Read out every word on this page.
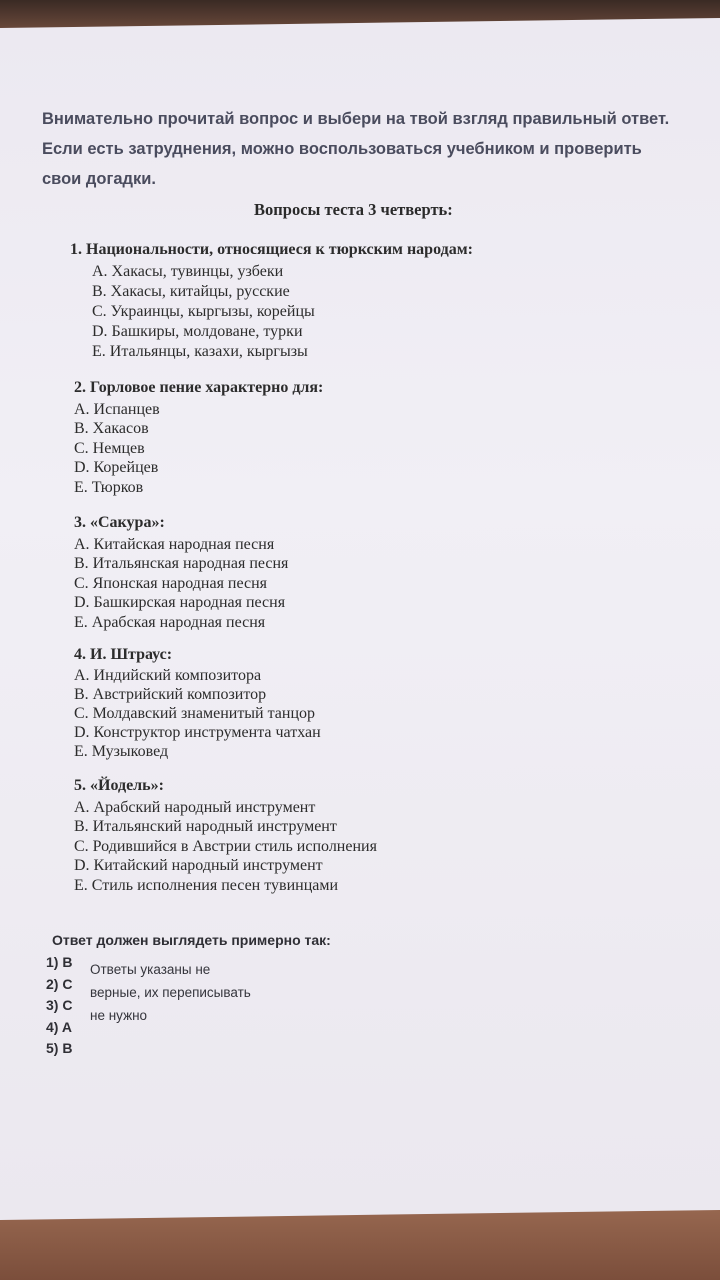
Внимательно прочитай вопрос и выбери на твой взгляд правильный ответ.
Если есть затруднения, можно воспользоваться учебником и проверить
свои догадки.
Вопросы теста 3 четверть:
1. Национальности, относящиеся к тюркским народам:
A. Хакасы, тувинцы, узбеки
B. Хакасы, китайцы, русские
C. Украинцы, кыргызы, корейцы
D. Башкиры, молдоване, турки
E. Итальянцы, казахи, кыргызы
2. Горловое пение характерно для:
A. Испанцев
B. Хакасов
C. Немцев
D. Корейцев
E. Тюрков
3. «Сакура»:
A. Китайская народная песня
B. Итальянская народная песня
C. Японская народная песня
D. Башкирская народная песня
E. Арабская народная песня
4. И. Штраус:
A. Индийский композитора
B. Австрийский композитор
C. Молдавский знаменитый танцор
D. Конструктор инструмента чатхан
E. Музыковед
5. «Йодель»:
A. Арабский народный инструмент
B. Итальянский народный инструмент
C. Родившийся в Австрии стиль исполнения
D. Китайский народный инструмент
E. Стиль исполнения песен тувинцами
Ответ должен выглядеть примерно так:
1) B
2) C
3) C
4) A
5) B
Ответы указаны не
верные, их переписывать
не нужно
